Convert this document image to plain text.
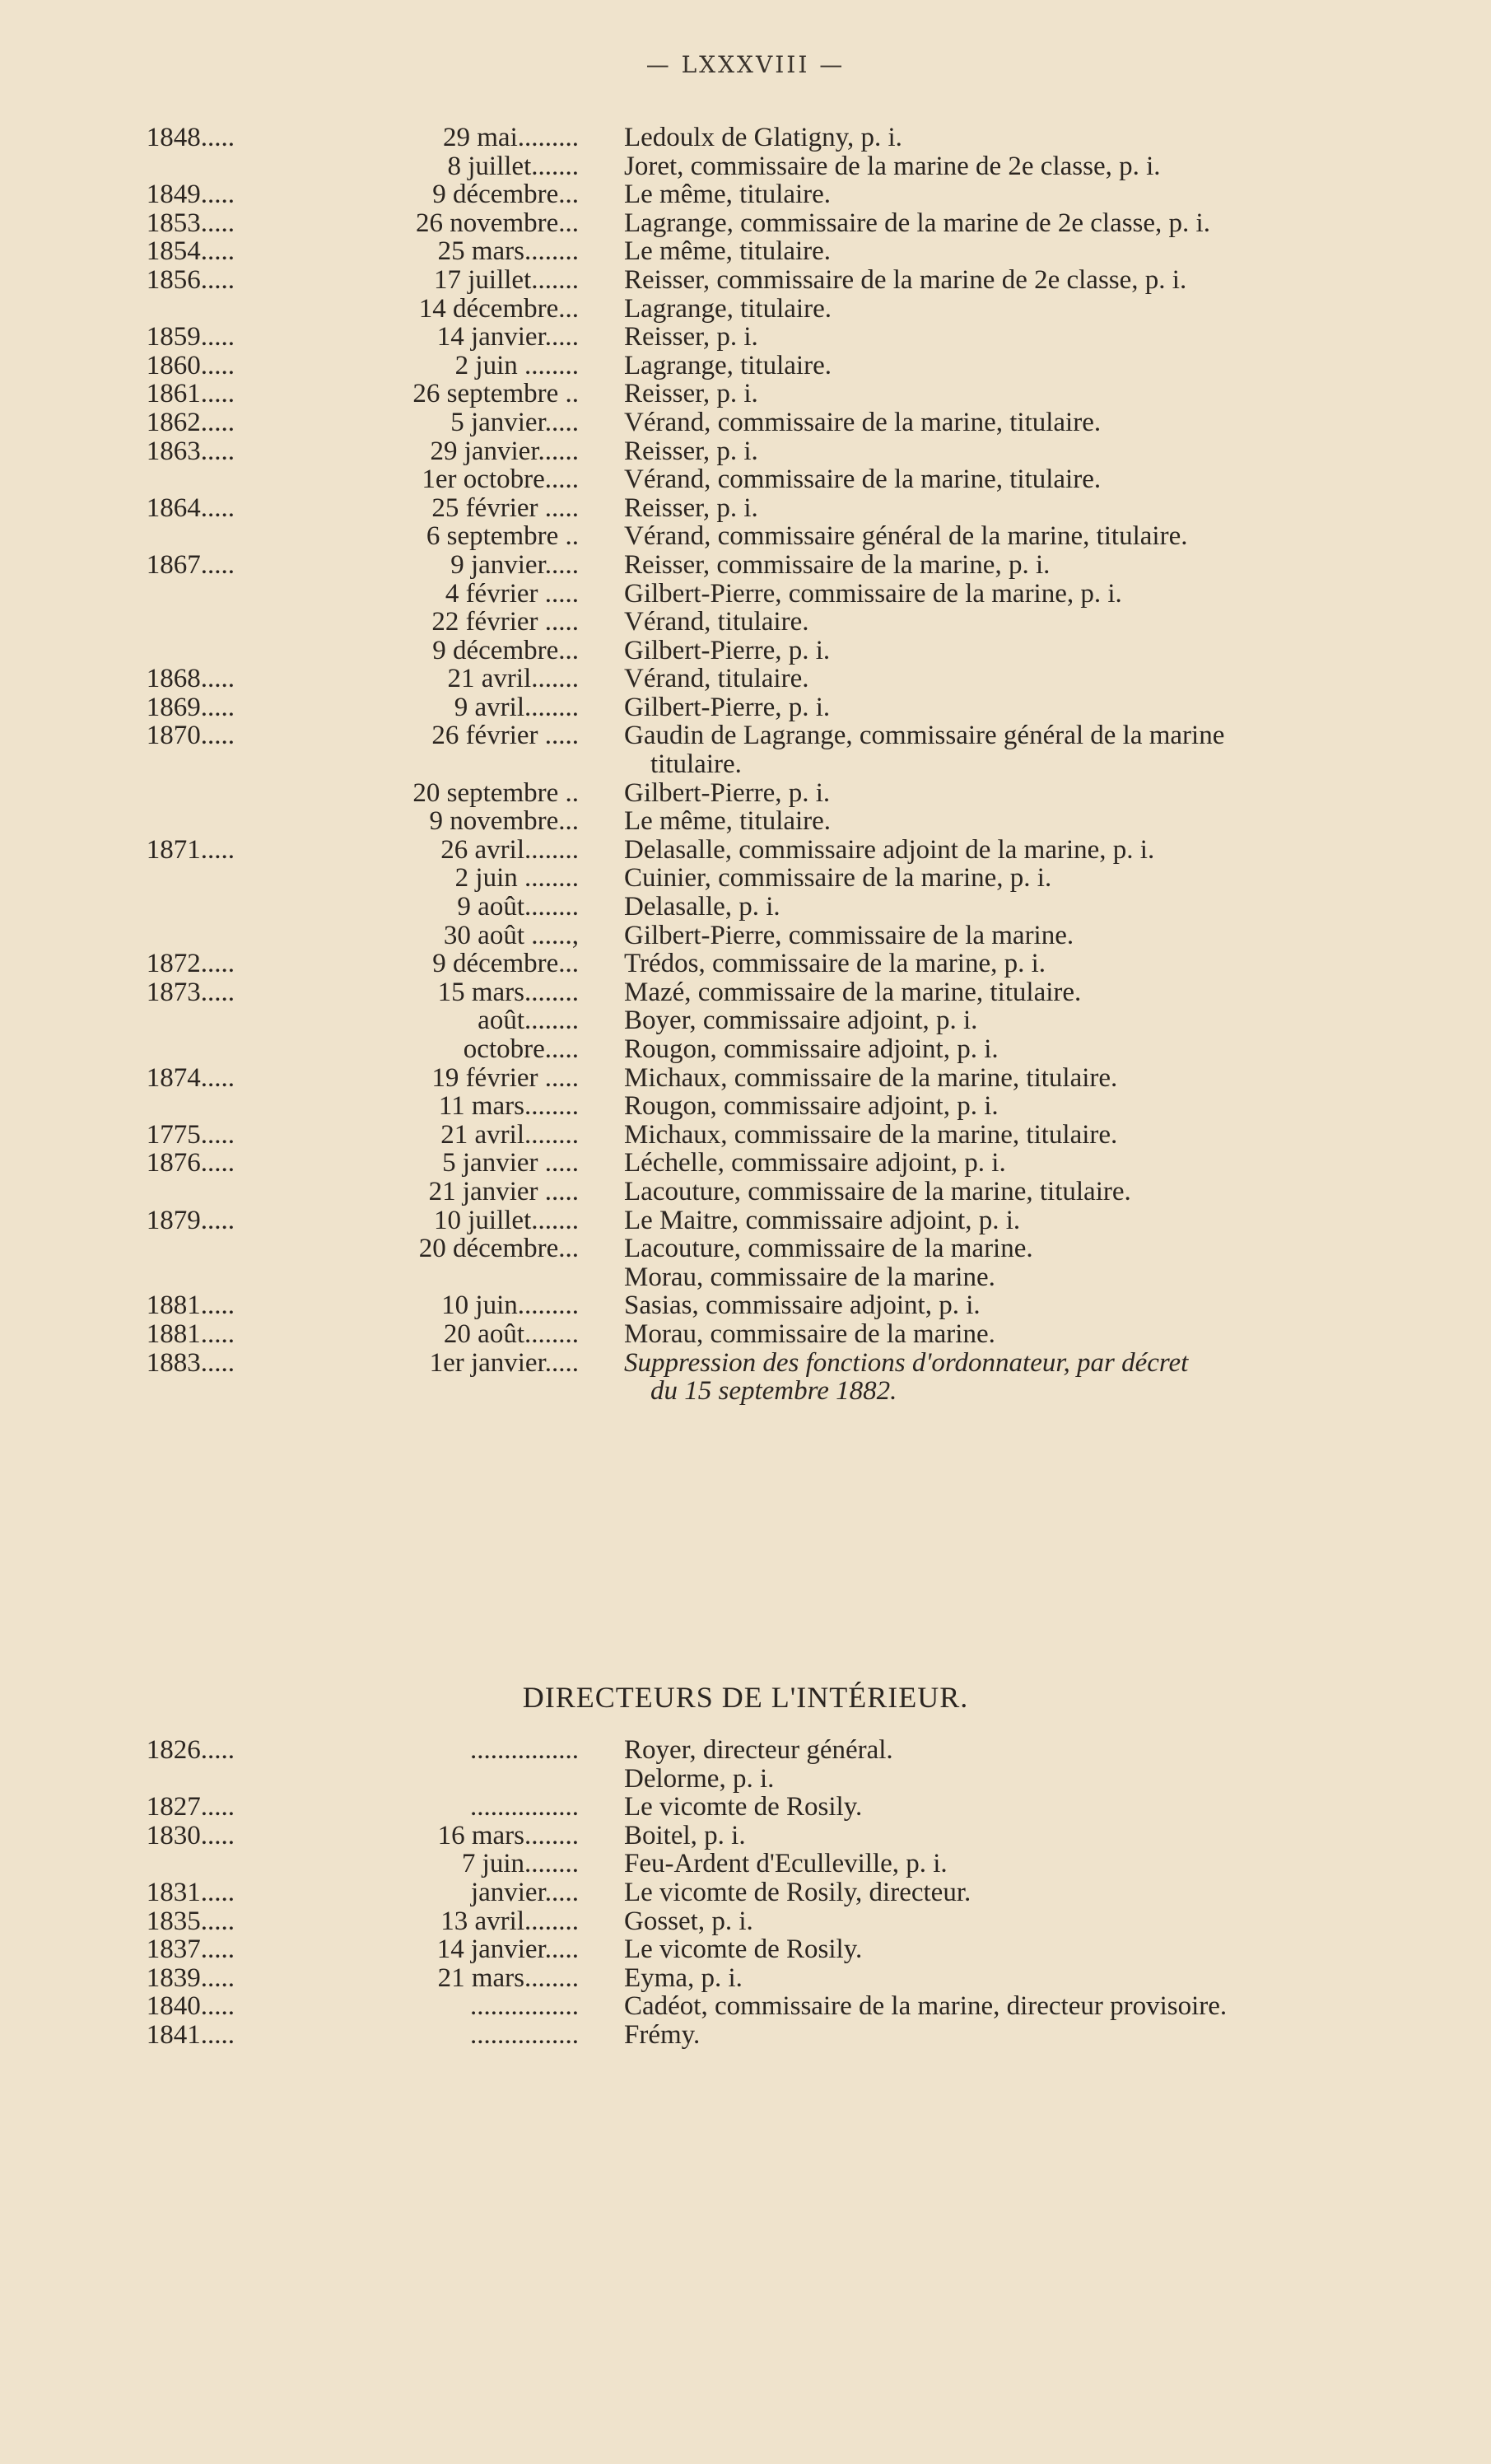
— LXXXVIII —
1848.....	29 mai......... Ledoulx de Glatigny, p. i.
8 juillet....... Joret, commissaire de la marine de 2e classe, p. i.
1849.....	9 décembre... Le même, titulaire.
1853.....	26 novembre... Lagrange, commissaire de la marine de 2e classe, p. i.
1854.....	25 mars........ Le même, titulaire.
1856.....	17 juillet....... Reisser, commissaire de la marine de 2e classe, p. i.
14 décembre... Lagrange, titulaire.
1859.....	14 janvier..... Reisser, p. i.
1860.....	2 juin ........ Lagrange, titulaire.
1861.....	26 septembre .. Reisser, p. i.
1862.....	5 janvier..... Vérand, commissaire de la marine, titulaire.
1863.....	29 janvier...... Reisser, p. i.
1er octobre..... Vérand, commissaire de la marine, titulaire.
1864.....	25 février ..... Reisser, p. i.
6 septembre .. Vérand, commissaire général de la marine, titulaire.
1867.....	9 janvier..... Reisser, commissaire de la marine, p. i.
4 février ..... Gilbert-Pierre, commissaire de la marine, p. i.
22 février ..... Vérand, titulaire.
9 décembre... Gilbert-Pierre, p. i.
1868.....	21 avril....... Vérand, titulaire.
1869.....	9 avril........ Gilbert-Pierre, p. i.
1870.....	26 février ..... Gaudin de Lagrange, commissaire général de la marine
titulaire.
20 septembre .. Gilbert-Pierre, p. i.
9 novembre... Le même, titulaire.
1871.....	26 avril........ Delasalle, commissaire adjoint de la marine, p. i.
2 juin ........ Cuinier, commissaire de la marine, p. i.
9 août........ Delasalle, p. i.
30 août ......, Gilbert-Pierre, commissaire de la marine.
1872.....	9 décembre... Trédos, commissaire de la marine, p. i.
1873.....	15 mars........ Mazé, commissaire de la marine, titulaire.
août........ Boyer, commissaire adjoint, p. i.
octobre..... Rougon, commissaire adjoint, p. i.
1874.....	19 février ..... Michaux, commissaire de la marine, titulaire.
11 mars........ Rougon, commissaire adjoint, p. i.
1775.....	21 avril........ Michaux, commissaire de la marine, titulaire.
1876.....	5 janvier ..... Léchelle, commissaire adjoint, p. i.
21 janvier ..... Lacouture, commissaire de la marine, titulaire.
1879.....	10 juillet....... Le Maitre, commissaire adjoint, p. i.
20 décembre... Lacouture, commissaire de la marine.
Morau, commissaire de la marine.
1881.....	10 juin......... Sasias, commissaire adjoint, p. i.
1881.....	20 août........ Morau, commissaire de la marine.
1883.....	1er janvier..... Suppression des fonctions d'ordonnateur, par décret
du 15 septembre 1882.
DIRECTEURS DE L'INTÉRIEUR.
1826.....	................ Royer, directeur général.
Delorme, p. i.
1827.....	................ Le vicomte de Rosily.
1830.....	16 mars........ Boitel, p. i.
7 juin........ Feu-Ardent d'Eculleville, p. i.
1831.....	janvier..... Le vicomte de Rosily, directeur.
1835.....	13 avril........ Gosset, p. i.
1837.....	14 janvier..... Le vicomte de Rosily.
1839.....	21 mars........ Eyma, p. i.
1840.....	................ Cadéot, commissaire de la marine, directeur provisoire.
1841.....	................ Frémy.
